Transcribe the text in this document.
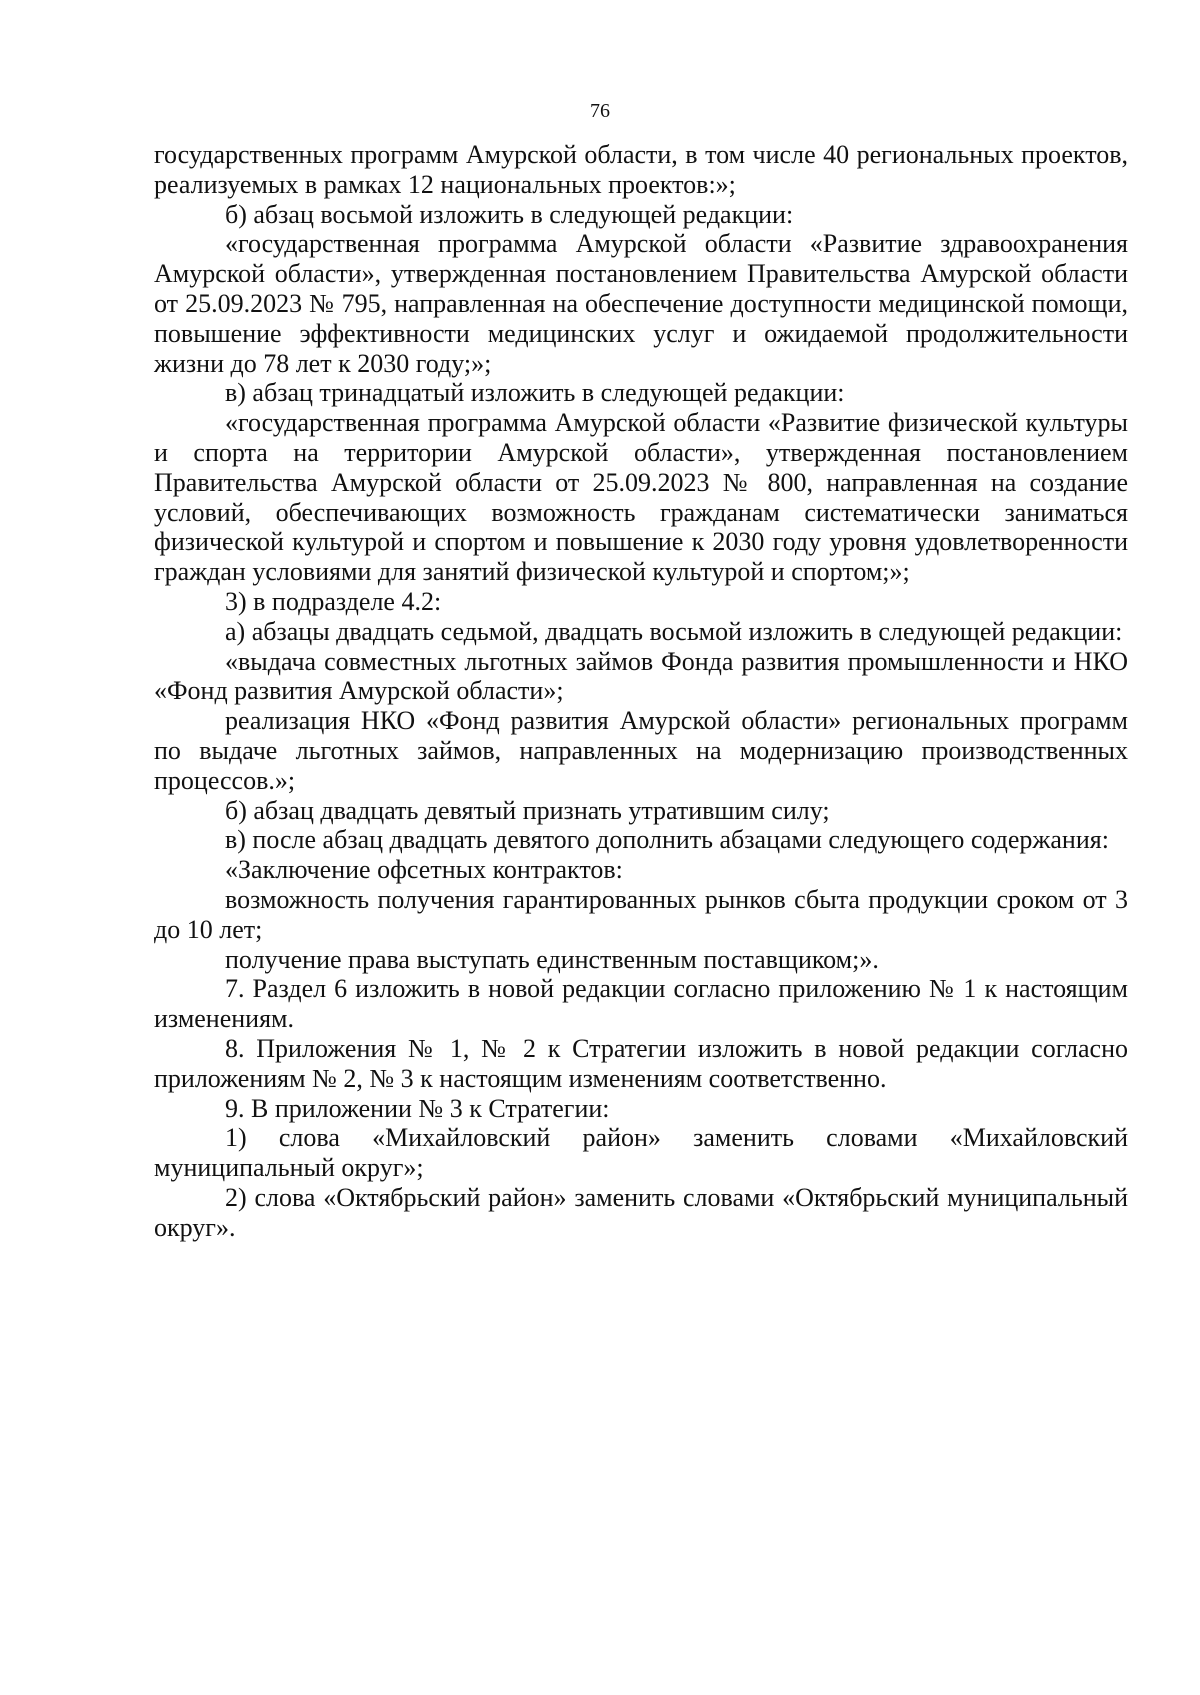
76

государственных программ Амурской области, в том числе 40 региональных проектов, реализуемых в рамках 12 национальных проектов:»;

б) абзац восьмой изложить в следующей редакции:

«государственная программа Амурской области «Развитие здравоохранения Амурской области», утвержденная постановлением Правительства Амурской области от 25.09.2023 № 795, направленная на обеспечение доступности медицинской помощи, повышение эффективности медицинских услуг и ожидаемой продолжительности жизни до 78 лет к 2030 году;»;

в) абзац тринадцатый изложить в следующей редакции:

«государственная программа Амурской области «Развитие физической культуры и спорта на территории Амурской области», утвержденная постановлением Правительства Амурской области от 25.09.2023 № 800, направленная на создание условий, обеспечивающих возможность гражданам систематически заниматься физической культурой и спортом и повышение к 2030 году уровня удовлетворенности граждан условиями для занятий физической культурой и спортом;»;

3) в подразделе 4.2:

а) абзацы двадцать седьмой, двадцать восьмой изложить в следующей редакции:

«выдача совместных льготных займов Фонда развития промышленности и НКО «Фонд развития Амурской области»;

реализация НКО «Фонд развития Амурской области» региональных программ по выдаче льготных займов, направленных на модернизацию производственных процессов.»;

б) абзац двадцать девятый признать утратившим силу;

в) после абзац двадцать девятого дополнить абзацами следующего содержания:

«Заключение офсетных контрактов:

возможность получения гарантированных рынков сбыта продукции сроком от 3 до 10 лет;

получение права выступать единственным поставщиком;».

7. Раздел 6 изложить в новой редакции согласно приложению № 1 к настоящим изменениям.

8. Приложения № 1, № 2 к Стратегии изложить в новой редакции согласно приложениям № 2, № 3 к настоящим изменениям соответственно.

9. В приложении № 3 к Стратегии:

1) слова «Михайловский район» заменить словами «Михайловский муниципальный округ»;

2) слова «Октябрьский район» заменить словами «Октябрьский муниципальный округ».
